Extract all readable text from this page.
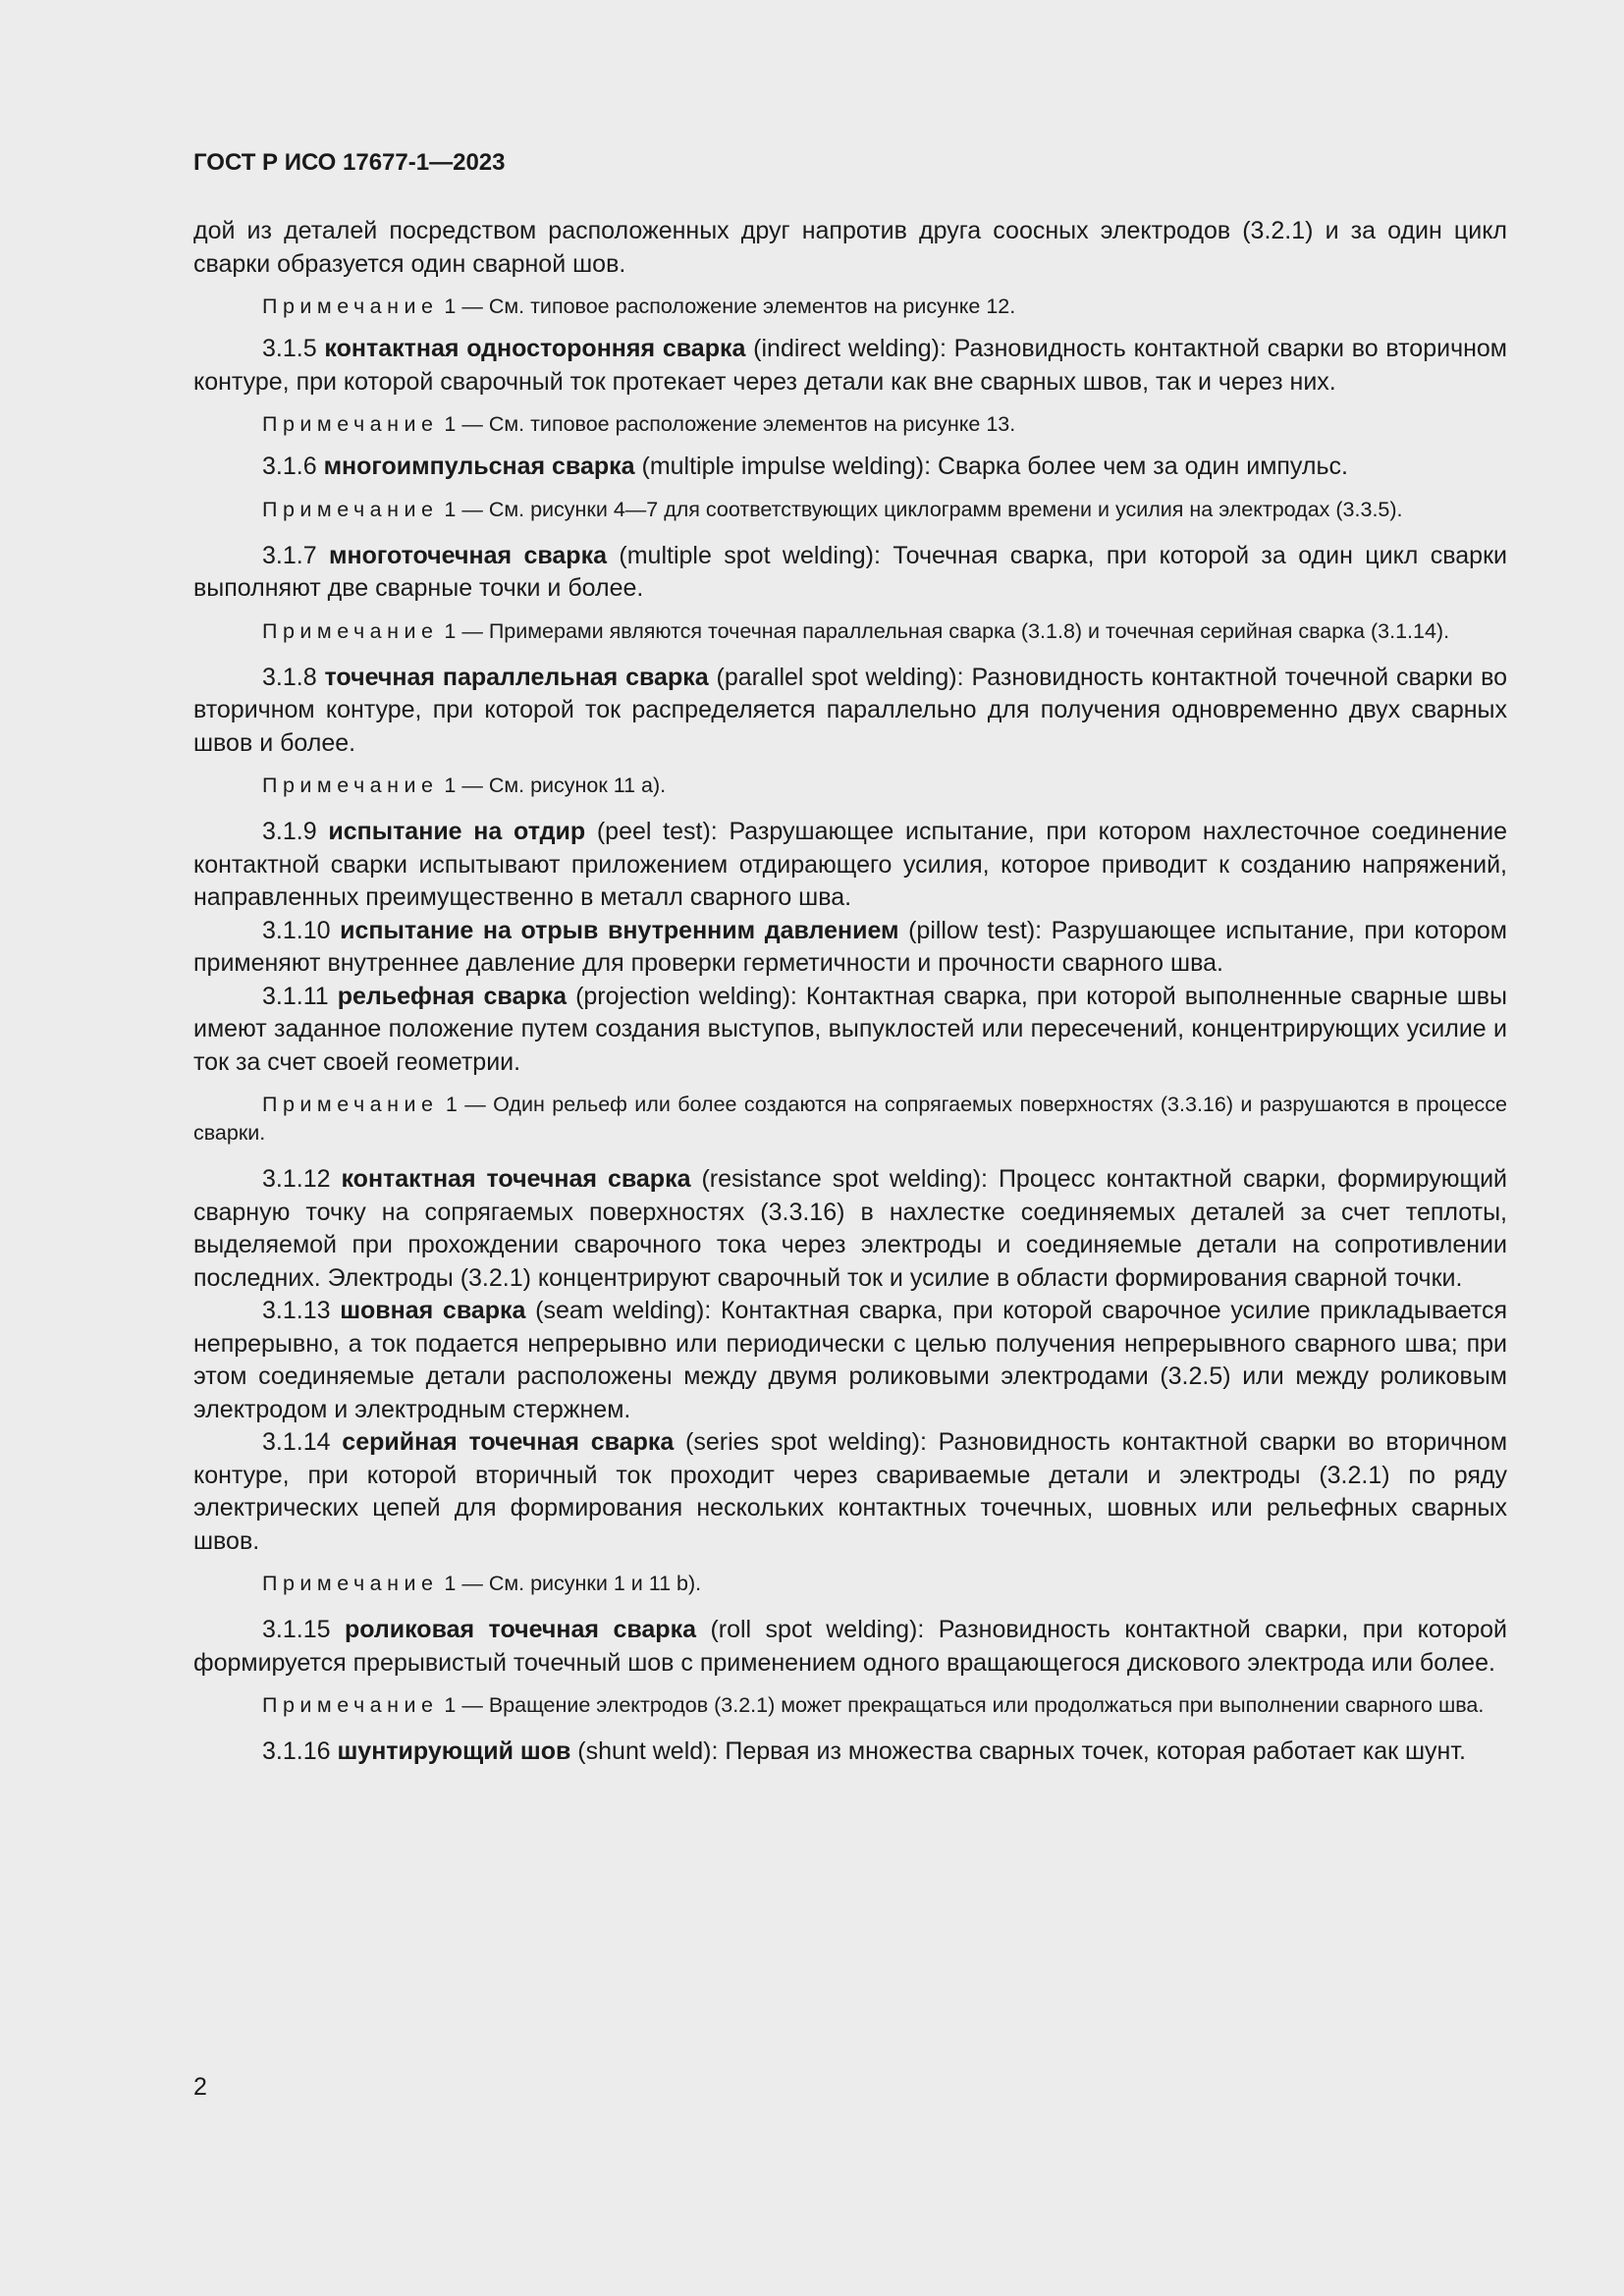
ГОСТ Р ИСО 17677-1—2023

дой из деталей посредством расположенных друг напротив друга соосных электродов (3.2.1) и за один цикл сварки образуется один сварной шов.

Примечание 1 — См. типовое расположение элементов на рисунке 12.

3.1.5 контактная односторонняя сварка (indirect welding): Разновидность контактной сварки во вторичном контуре, при которой сварочный ток протекает через детали как вне сварных швов, так и через них.

Примечание 1 — См. типовое расположение элементов на рисунке 13.

3.1.6 многоимпульсная сварка (multiple impulse welding): Сварка более чем за один импульс.

Примечание 1 — См. рисунки 4—7 для соответствующих циклограмм времени и усилия на электродах (3.3.5).

3.1.7 многоточечная сварка (multiple spot welding): Точечная сварка, при которой за один цикл сварки выполняют две сварные точки и более.

Примечание 1 — Примерами являются точечная параллельная сварка (3.1.8) и точечная серийная сварка (3.1.14).

3.1.8 точечная параллельная сварка (parallel spot welding): Разновидность контактной точечной сварки во вторичном контуре, при которой ток распределяется параллельно для получения одновременно двух сварных швов и более.

Примечание 1 — См. рисунок 11 а).

3.1.9 испытание на отдир (peel test): Разрушающее испытание, при котором нахлесточное соединение контактной сварки испытывают приложением отдирающего усилия, которое приводит к созданию напряжений, направленных преимущественно в металл сварного шва.

3.1.10 испытание на отрыв внутренним давлением (pillow test): Разрушающее испытание, при котором применяют внутреннее давление для проверки герметичности и прочности сварного шва.

3.1.11 рельефная сварка (projection welding): Контактная сварка, при которой выполненные сварные швы имеют заданное положение путем создания выступов, выпуклостей или пересечений, концентрирующих усилие и ток за счет своей геометрии.

Примечание 1 — Один рельеф или более создаются на сопрягаемых поверхностях (3.3.16) и разрушаются в процессе сварки.

3.1.12 контактная точечная сварка (resistance spot welding): Процесс контактной сварки, формирующий сварную точку на сопрягаемых поверхностях (3.3.16) в нахлестке соединяемых деталей за счет теплоты, выделяемой при прохождении сварочного тока через электроды и соединяемые детали на сопротивлении последних. Электроды (3.2.1) концентрируют сварочный ток и усилие в области формирования сварной точки.

3.1.13 шовная сварка (seam welding): Контактная сварка, при которой сварочное усилие прикладывается непрерывно, а ток подается непрерывно или периодически с целью получения непрерывного сварного шва; при этом соединяемые детали расположены между двумя роликовыми электродами (3.2.5) или между роликовым электродом и электродным стержнем.

3.1.14 серийная точечная сварка (series spot welding): Разновидность контактной сварки во вторичном контуре, при которой вторичный ток проходит через свариваемые детали и электроды (3.2.1) по ряду электрических цепей для формирования нескольких контактных точечных, шовных или рельефных сварных швов.

Примечание 1 — См. рисунки 1 и 11 b).

3.1.15 роликовая точечная сварка (roll spot welding): Разновидность контактной сварки, при которой формируется прерывистый точечный шов с применением одного вращающегося дискового электрода или более.

Примечание 1 — Вращение электродов (3.2.1) может прекращаться или продолжаться при выполнении сварного шва.

3.1.16 шунтирующий шов (shunt weld): Первая из множества сварных точек, которая работает как шунт.

2
